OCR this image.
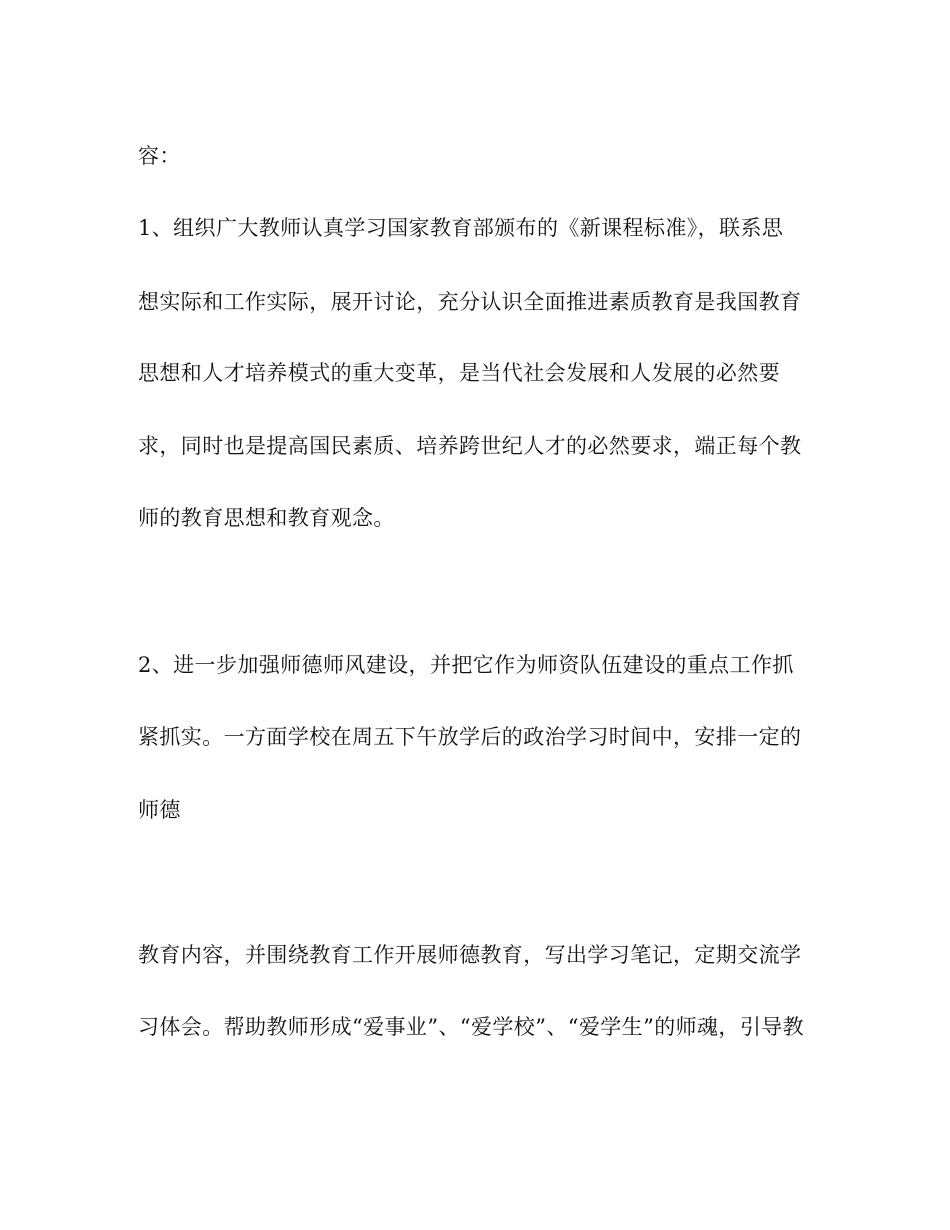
容：
1、组织广大教师认真学习国家教育部颁布的《新课程标准》，联系思
想实际和工作实际，展开讨论，充分认识全面推进素质教育是我国教育
思想和人才培养模式的重大变革，是当代社会发展和人发展的必然要
求，同时也是提高国民素质、培养跨世纪人才的必然要求，端正每个教
师的教育思想和教育观念。
2、进一步加强师德师风建设，并把它作为师资队伍建设的重点工作抓
紧抓实。一方面学校在周五下午放学后的政治学习时间中，安排一定的
师德
教育内容，并围绕教育工作开展师德教育，写出学习笔记，定期交流学
习体会。帮助教师形成“爱事业”、“爱学校”、“爱学生”的师魂，引导教
